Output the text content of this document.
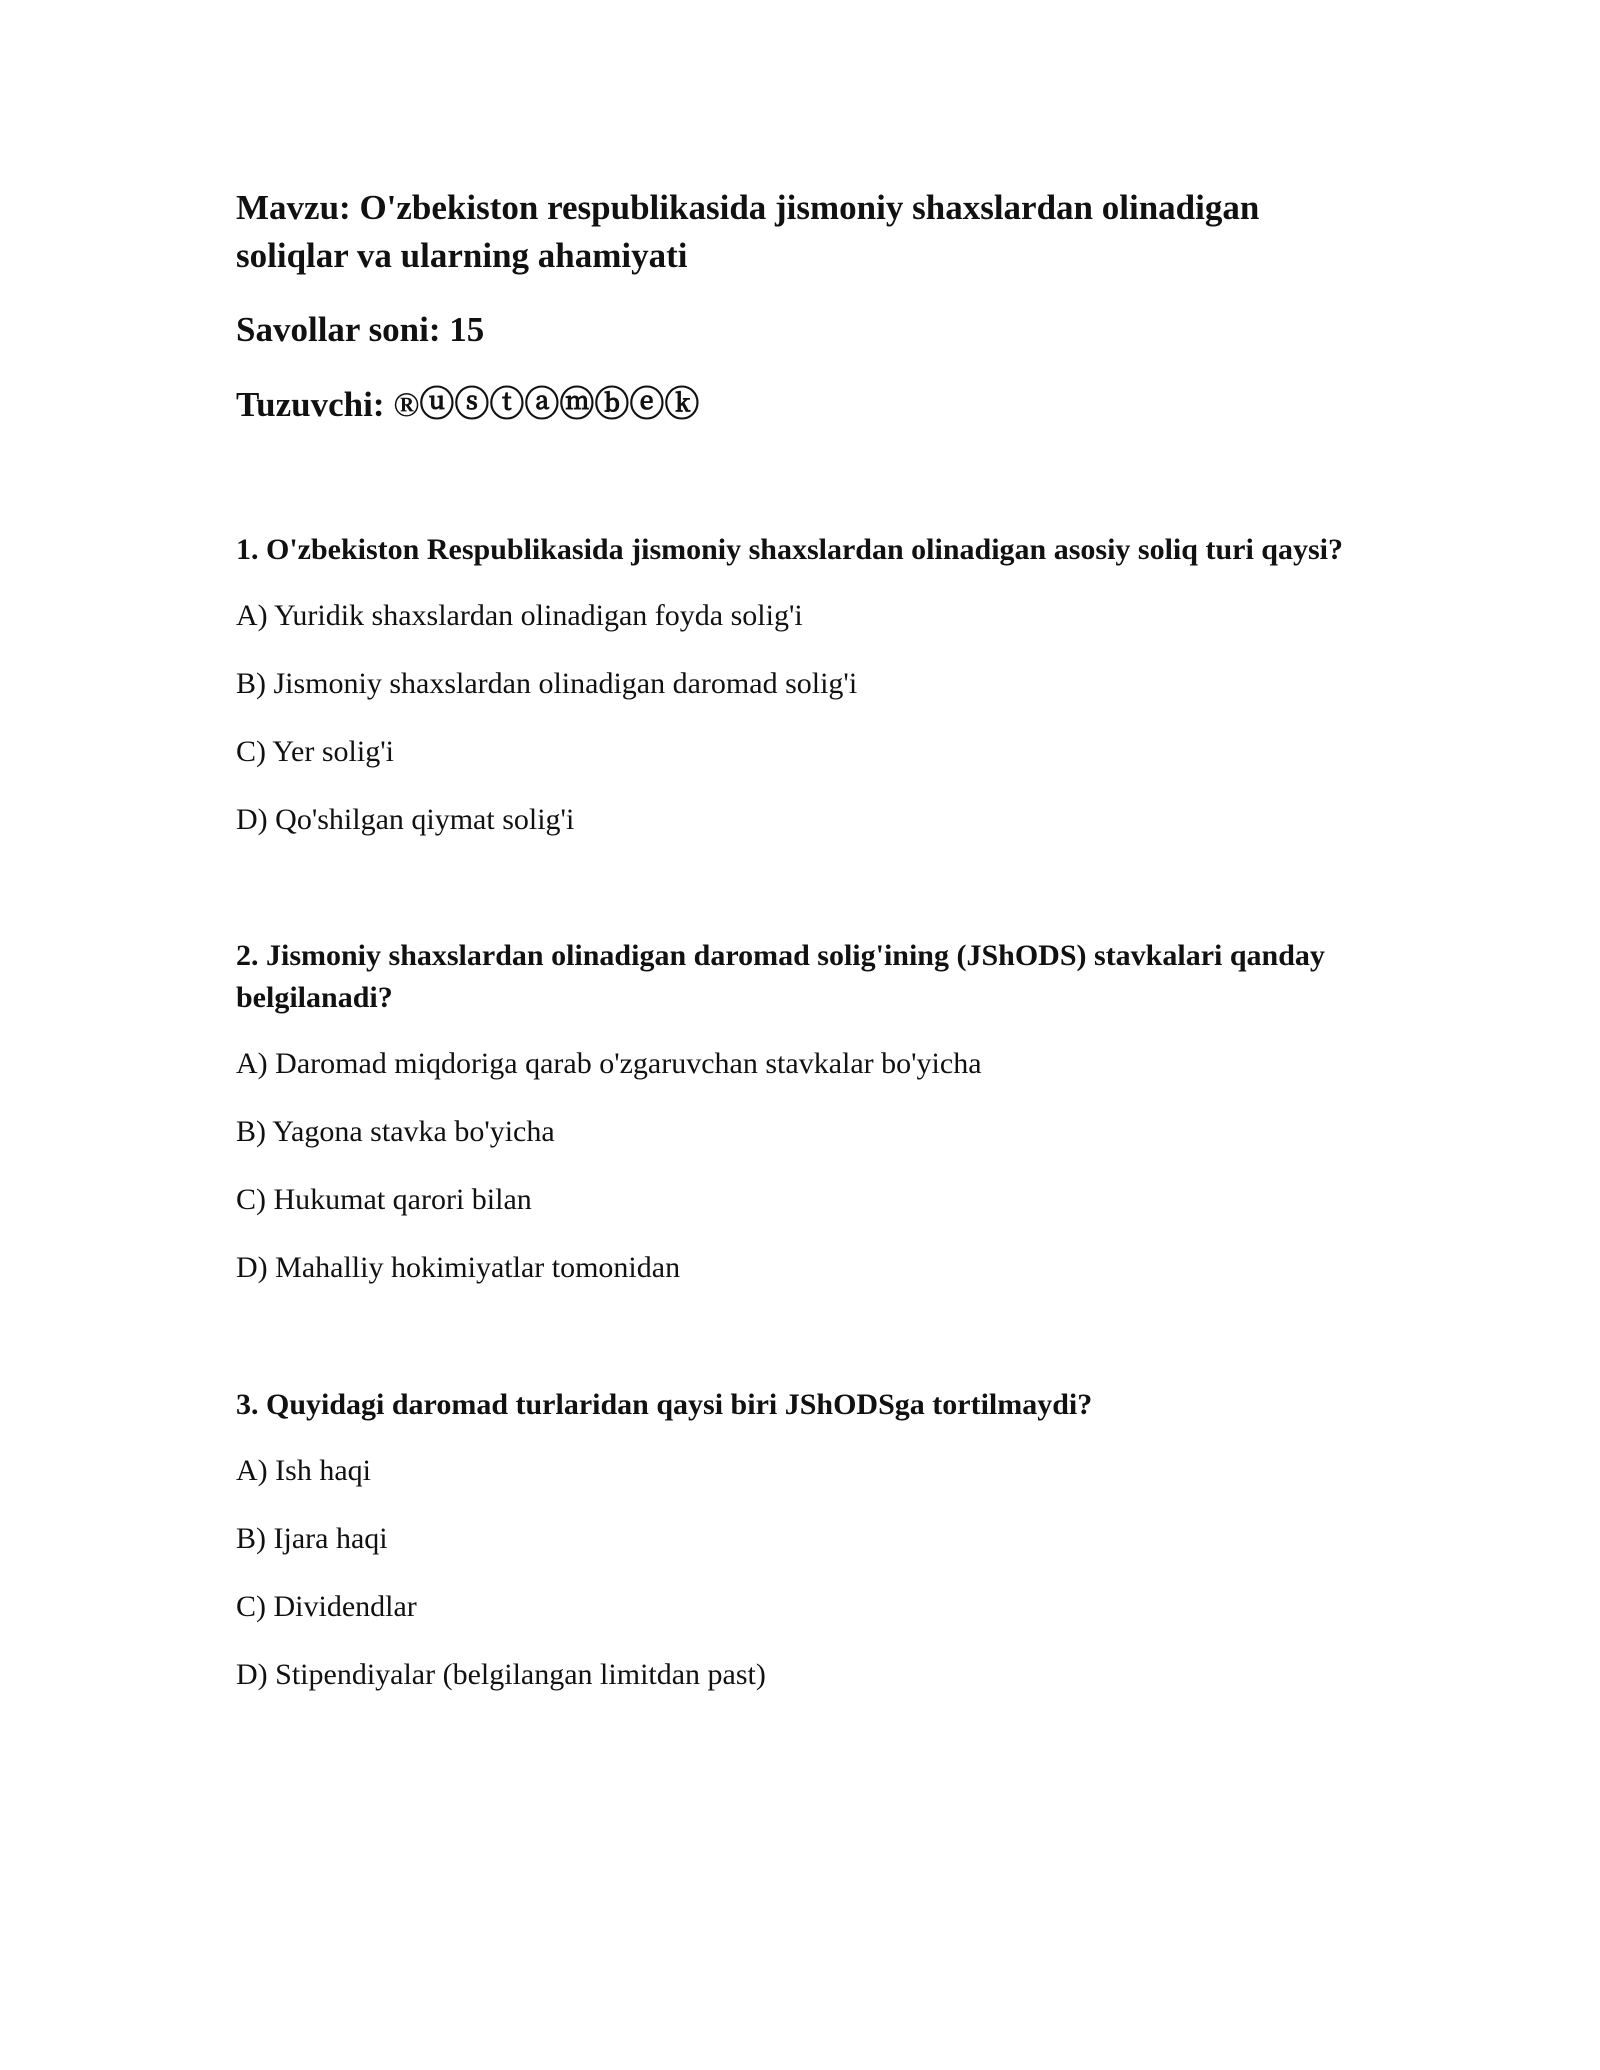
Mavzu: O'zbekiston respublikasida jismoniy shaxslardan olinadigan soliqlar va ularning ahamiyati

Savollar soni: 15

Tuzuvchi: ®ⓤⓢⓣⓐⓜⓑⓔⓚ

1. O'zbekiston Respublikasida jismoniy shaxslardan olinadigan asosiy soliq turi qaysi?

A) Yuridik shaxslardan olinadigan foyda solig'i
B) Jismoniy shaxslardan olinadigan daromad solig'i
C) Yer solig'i
D) Qo'shilgan qiymat solig'i

2. Jismoniy shaxslardan olinadigan daromad solig'ining (JShODS) stavkalari qanday belgilanadi?

A) Daromad miqdoriga qarab o'zgaruvchan stavkalar bo'yicha
B) Yagona stavka bo'yicha
C) Hukumat qarori bilan
D) Mahalliy hokimiyatlar tomonidan

3. Quyidagi daromad turlaridan qaysi biri JShODSga tortilmaydi?

A) Ish haqi
B) Ijara haqi
C) Dividendlar
D) Stipendiyalar (belgilangan limitdan past)
